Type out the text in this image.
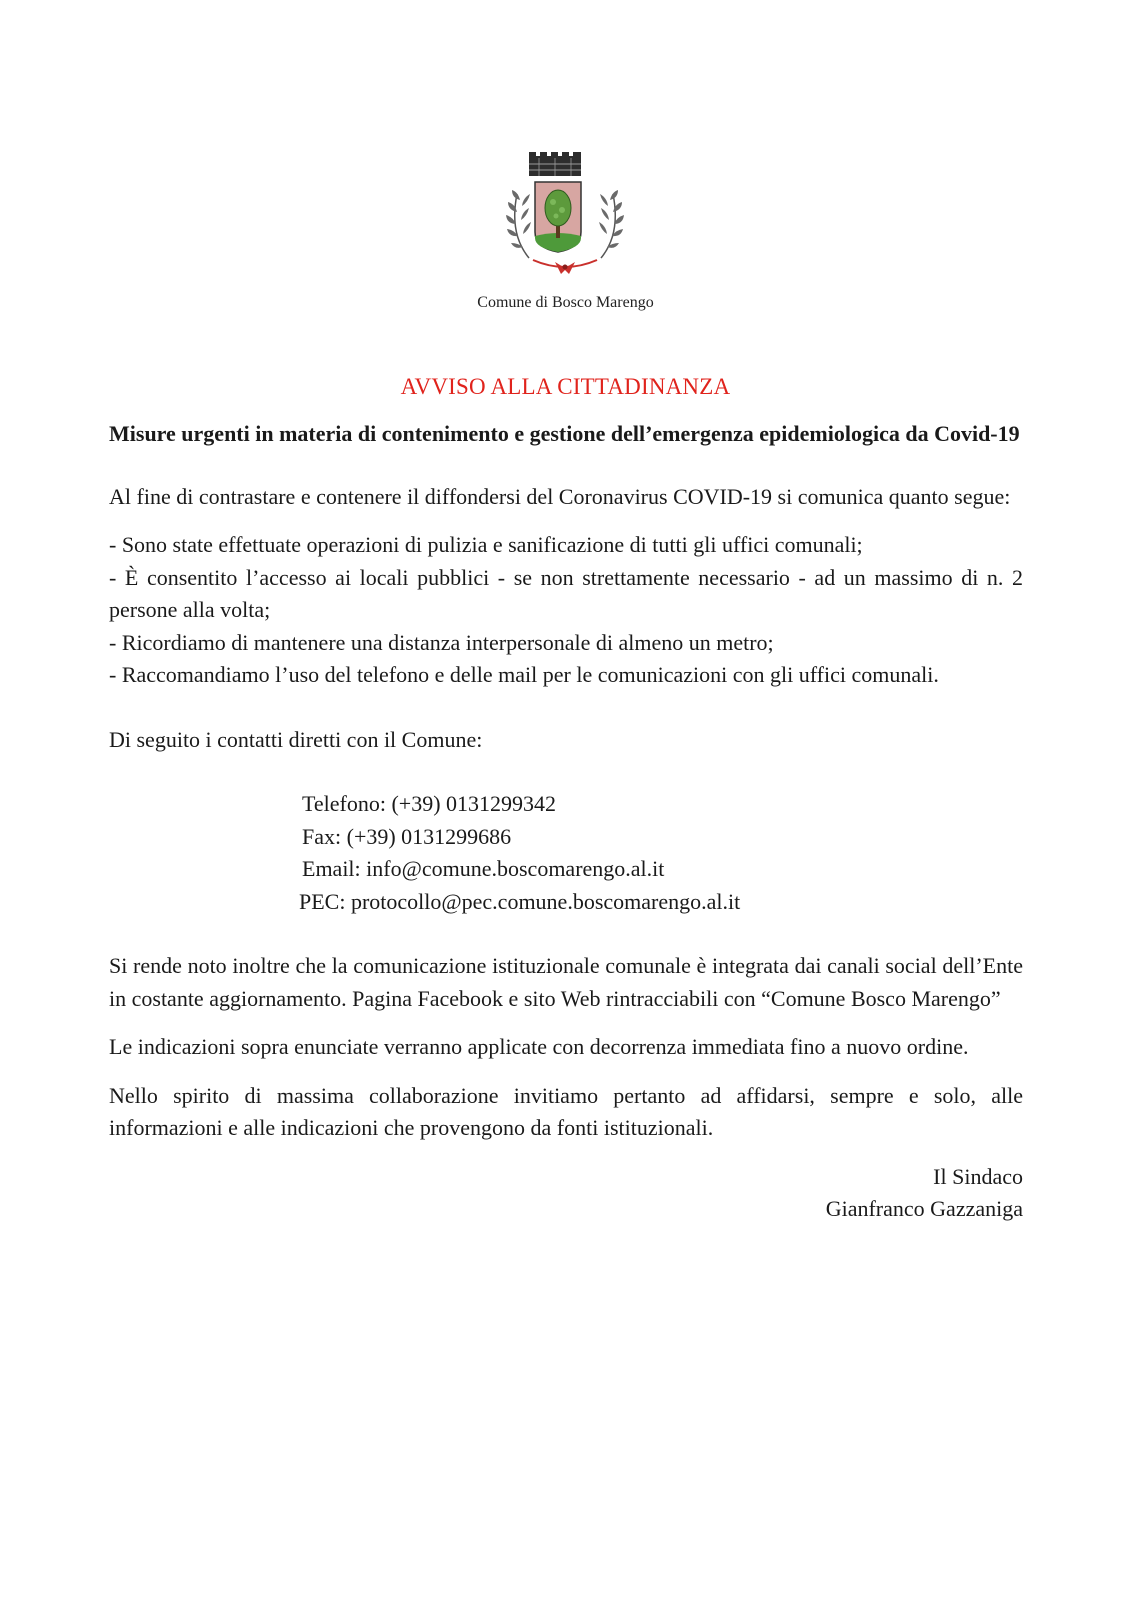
Comune di Bosco Marengo
AVVISO ALLA CITTADINANZA

Misure urgenti in materia di contenimento e gestione dell’emergenza epidemiologica da Covid-19

Al fine di contrastare e contenere il diffondersi del Coronavirus COVID-19 si comunica quanto segue:

- Sono state effettuate operazioni di pulizia e sanificazione di tutti gli uffici comunali;

- È consentito l’accesso ai locali pubblici - se non strettamente necessario - ad un massimo di n. 2 persone alla volta;

- Ricordiamo di mantenere una distanza interpersonale di almeno un metro;

- Raccomandiamo l’uso del telefono e delle mail per le comunicazioni con gli uffici comunali.

Di seguito i contatti diretti con il Comune:

Telefono: (+39) 0131299342

Fax: (+39) 0131299686

Email: info@comune.boscomarengo.al.it

PEC: protocollo@pec.comune.boscomarengo.al.it

Si rende noto inoltre che la comunicazione istituzionale comunale è integrata dai canali social dell’Ente in costante aggiornamento. Pagina Facebook e sito Web rintracciabili con “Comune Bosco Marengo”

Le indicazioni sopra enunciate verranno applicate con decorrenza immediata fino a nuovo ordine.

Nello spirito di massima collaborazione invitiamo pertanto ad affidarsi, sempre e solo, alle informazioni e alle indicazioni che provengono da fonti istituzionali.

Il Sindaco

Gianfranco Gazzaniga
